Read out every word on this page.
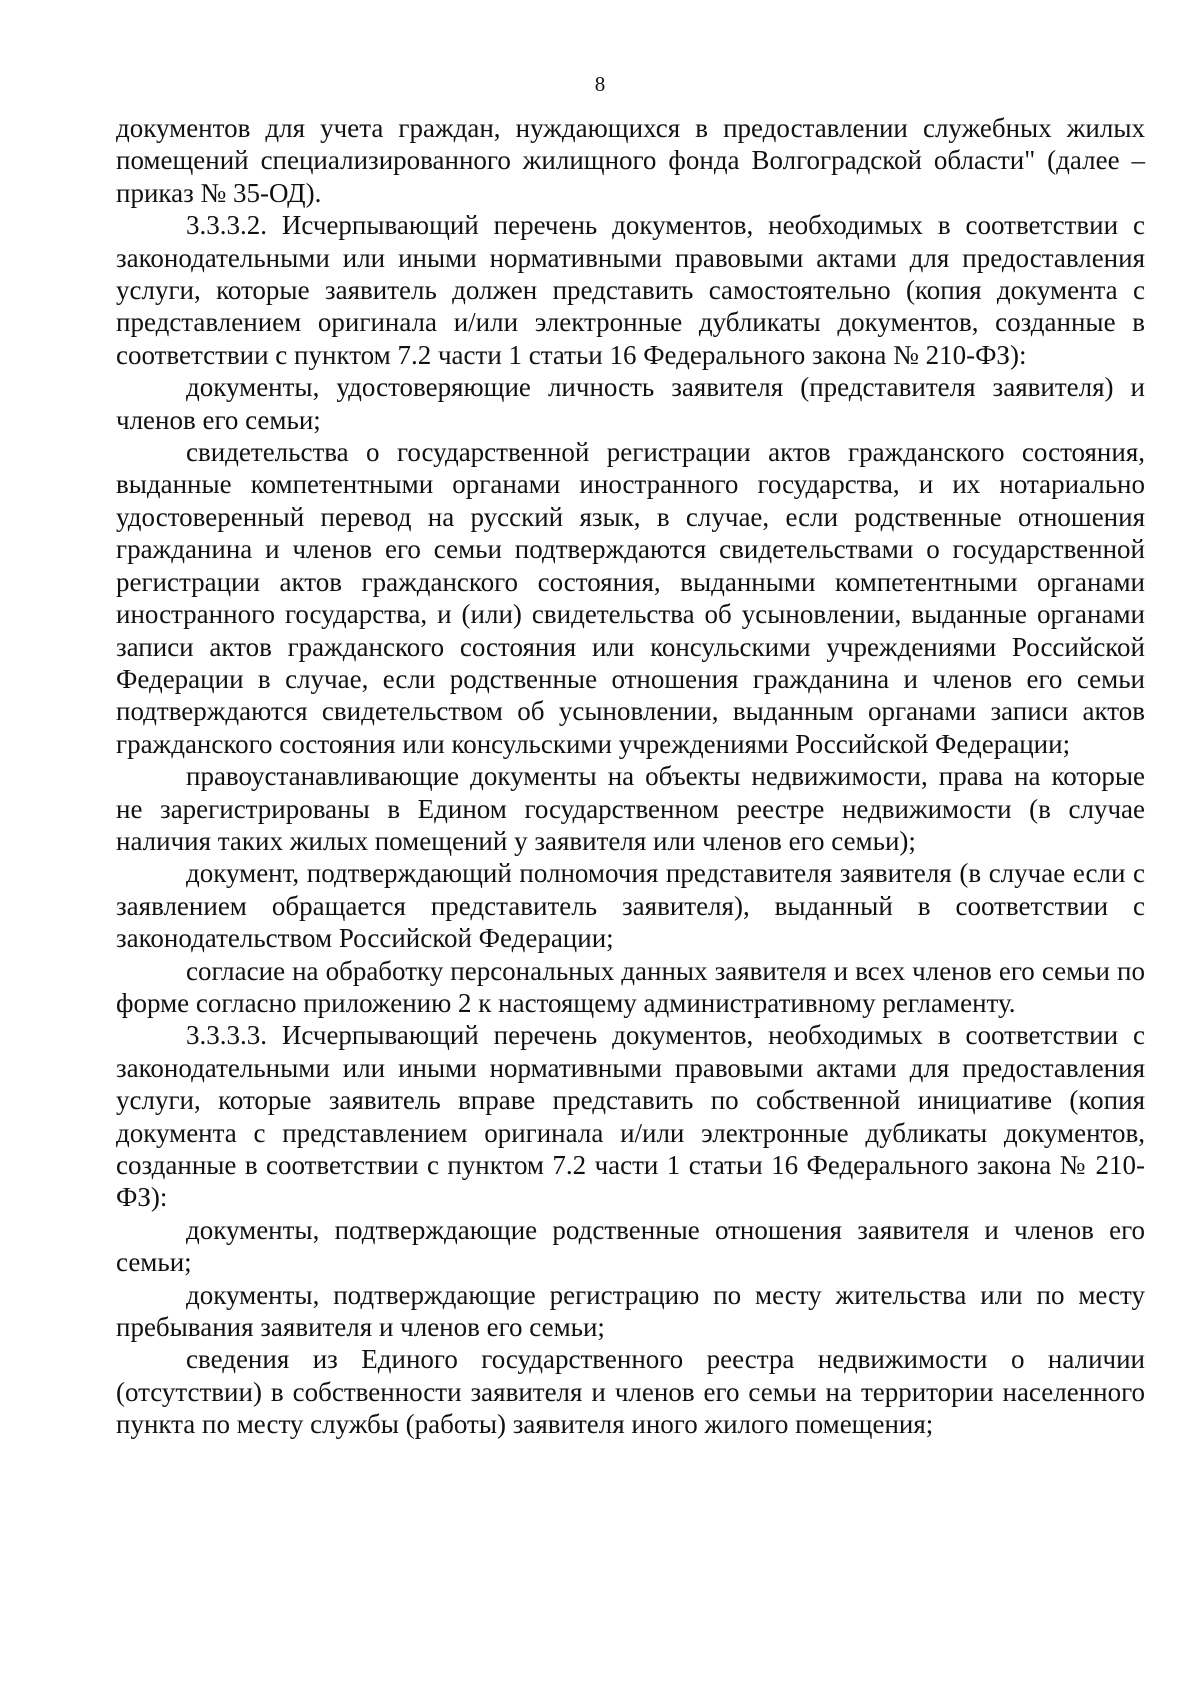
8

документов для учета граждан, нуждающихся в предоставлении служебных жилых помещений специализированного жилищного фонда Волгоградской области" (далее – приказ № 35-ОД).

3.3.3.2. Исчерпывающий перечень документов, необходимых в соответствии с законодательными или иными нормативными правовыми актами для предоставления услуги, которые заявитель должен представить самостоятельно (копия документа с представлением оригинала и/или электронные дубликаты документов, созданные в соответствии с пунктом 7.2 части 1 статьи 16 Федерального закона № 210-ФЗ):

документы, удостоверяющие личность заявителя (представителя заявителя) и членов его семьи;

свидетельства о государственной регистрации актов гражданского состояния, выданные компетентными органами иностранного государства, и их нотариально удостоверенный перевод на русский язык, в случае, если родственные отношения гражданина и членов его семьи подтверждаются свидетельствами о государственной регистрации актов гражданского состояния, выданными компетентными органами иностранного государства, и (или) свидетельства об усыновлении, выданные органами записи актов гражданского состояния или консульскими учреждениями Российской Федерации в случае, если родственные отношения гражданина и членов его семьи подтверждаются свидетельством об усыновлении, выданным органами записи актов гражданского состояния или консульскими учреждениями Российской Федерации;

правоустанавливающие документы на объекты недвижимости, права на которые не зарегистрированы в Едином государственном реестре недвижимости (в случае наличия таких жилых помещений у заявителя или членов его семьи);

документ, подтверждающий полномочия представителя заявителя (в случае если с заявлением обращается представитель заявителя), выданный в соответствии с законодательством Российской Федерации;

согласие на обработку персональных данных заявителя и всех членов его семьи по форме согласно приложению 2 к настоящему административному регламенту.

3.3.3.3. Исчерпывающий перечень документов, необходимых в соответствии с законодательными или иными нормативными правовыми актами для предоставления услуги, которые заявитель вправе представить по собственной инициативе (копия документа с представлением оригинала и/или электронные дубликаты документов, созданные в соответствии с пунктом 7.2 части 1 статьи 16 Федерального закона № 210-ФЗ):

документы, подтверждающие родственные отношения заявителя и членов его семьи;

документы, подтверждающие регистрацию по месту жительства или по месту пребывания заявителя и членов его семьи;

сведения из Единого государственного реестра недвижимости о наличии (отсутствии) в собственности заявителя и членов его семьи на территории населенного пункта по месту службы (работы) заявителя иного жилого помещения;
